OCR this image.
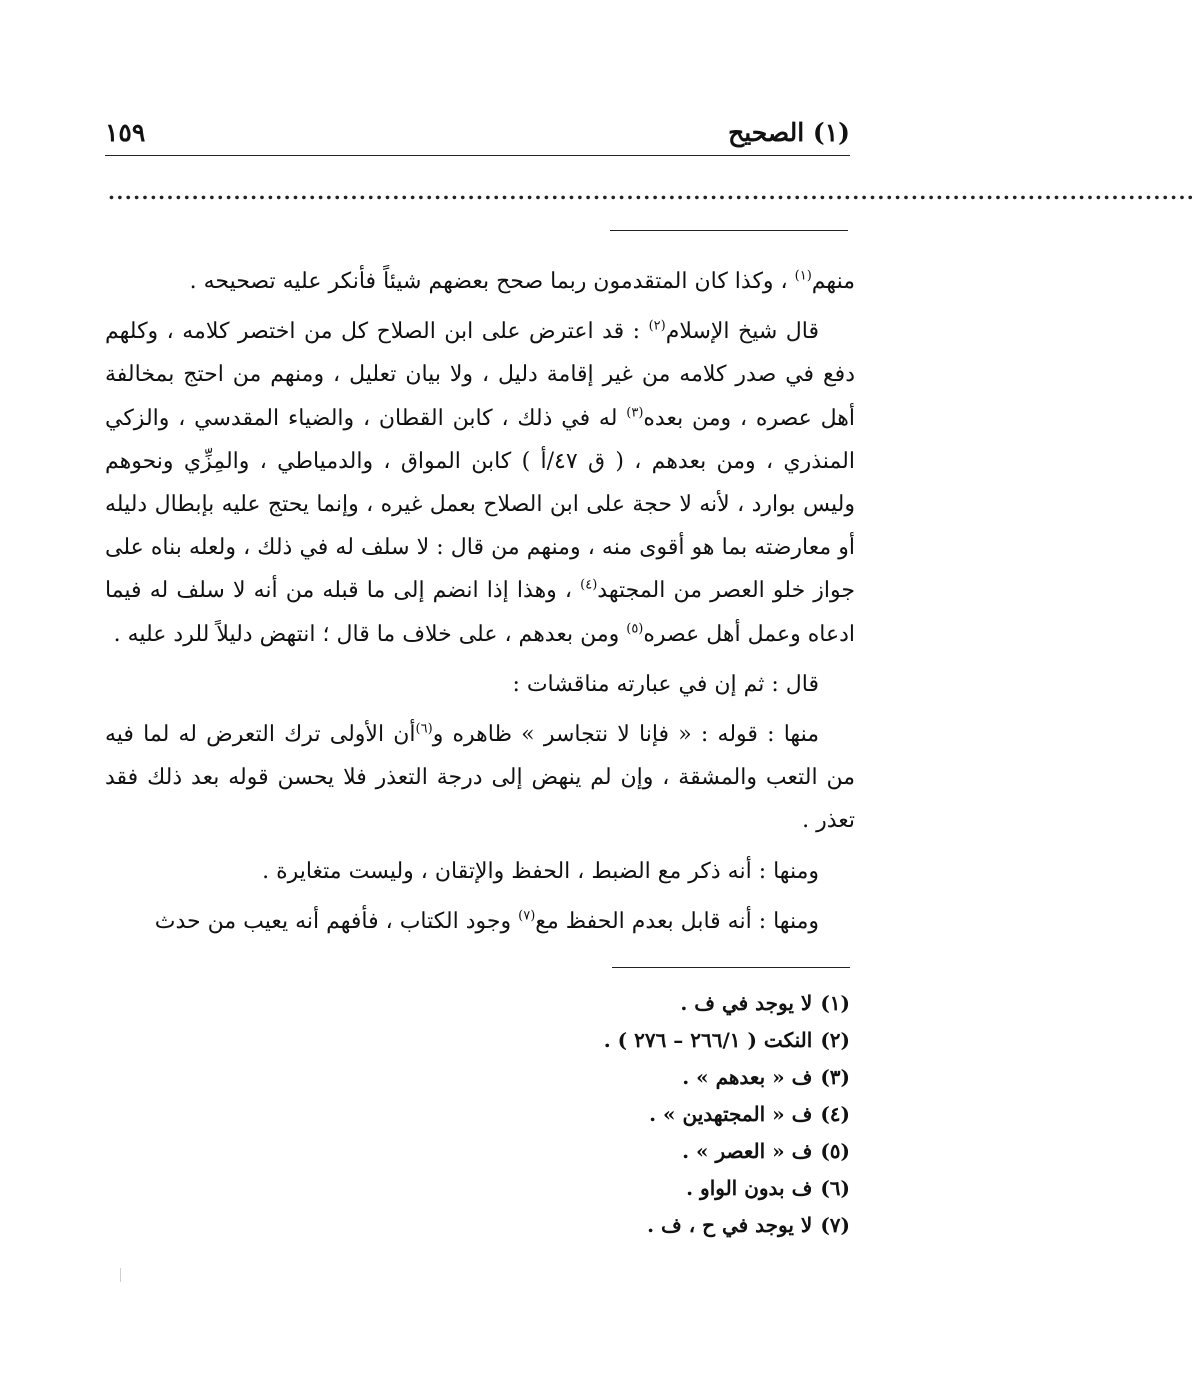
(١) الصحيح
١٥٩
..................................................................................................................................

منهم$^{(١)}$ ، وكذا كان المتقدمون ربما صحح بعضهم شيئاً فأنكر عليه تصحيحه .

قال شيخ الإسلام$^{(٢)}$ : قد اعترض على ابن الصلاح كل من اختصر كلامه ، وكلهم دفع في صدر كلامه من غير إقامة دليل ، ولا بيان تعليل ، ومنهم من احتج بمخالفة أهل عصره ، ومن بعده$^{(٣)}$ له في ذلك ، كابن القطان ، والضياء المقدسي ، والزكي المنذري ، ومن بعدهم ، ( ق ٤٧/أ ) كابن المواق ، والدمياطي ، والمِزِّي ونحوهم وليس بوارد ، لأنه لا حجة على ابن الصلاح بعمل غيره ، وإنما يحتج عليه بإبطال دليله أو معارضته بما هو أقوى منه ، ومنهم من قال : لا سلف له في ذلك ، ولعله بناه على جواز خلو العصر من المجتهد$^{(٤)}$ ، وهذا إذا انضم إلى ما قبله من أنه لا سلف له فيما ادعاه وعمل أهل عصره$^{(٥)}$ ومن بعدهم ، على خلاف ما قال ؛ انتهض دليلاً للرد عليه .

قال : ثم إن في عبارته مناقشات :

منها : قوله : « فإنا لا نتجاسر » ظاهره و$^{(٦)}$أن الأولى ترك التعرض له لما فيه من التعب والمشقة ، وإن لم ينهض إلى درجة التعذر فلا يحسن قوله بعد ذلك فقد تعذر .

ومنها : أنه ذكر مع الضبط ، الحفظ والإتقان ، وليست متغايرة .

ومنها : أنه قابل بعدم الحفظ مع$^{(٧)}$ وجود الكتاب ، فأفهم أنه يعيب من حدث

(١)لا يوجد في ف .
(٢)النكت ( ٢٦٦/١ – ٢٧٦ ) .
(٣)ف « بعدهم » .
(٤)ف « المجتهدين » .
(٥)ف « العصر » .
(٦)ف بدون الواو .
(٧)لا يوجد في ح ، ف .
